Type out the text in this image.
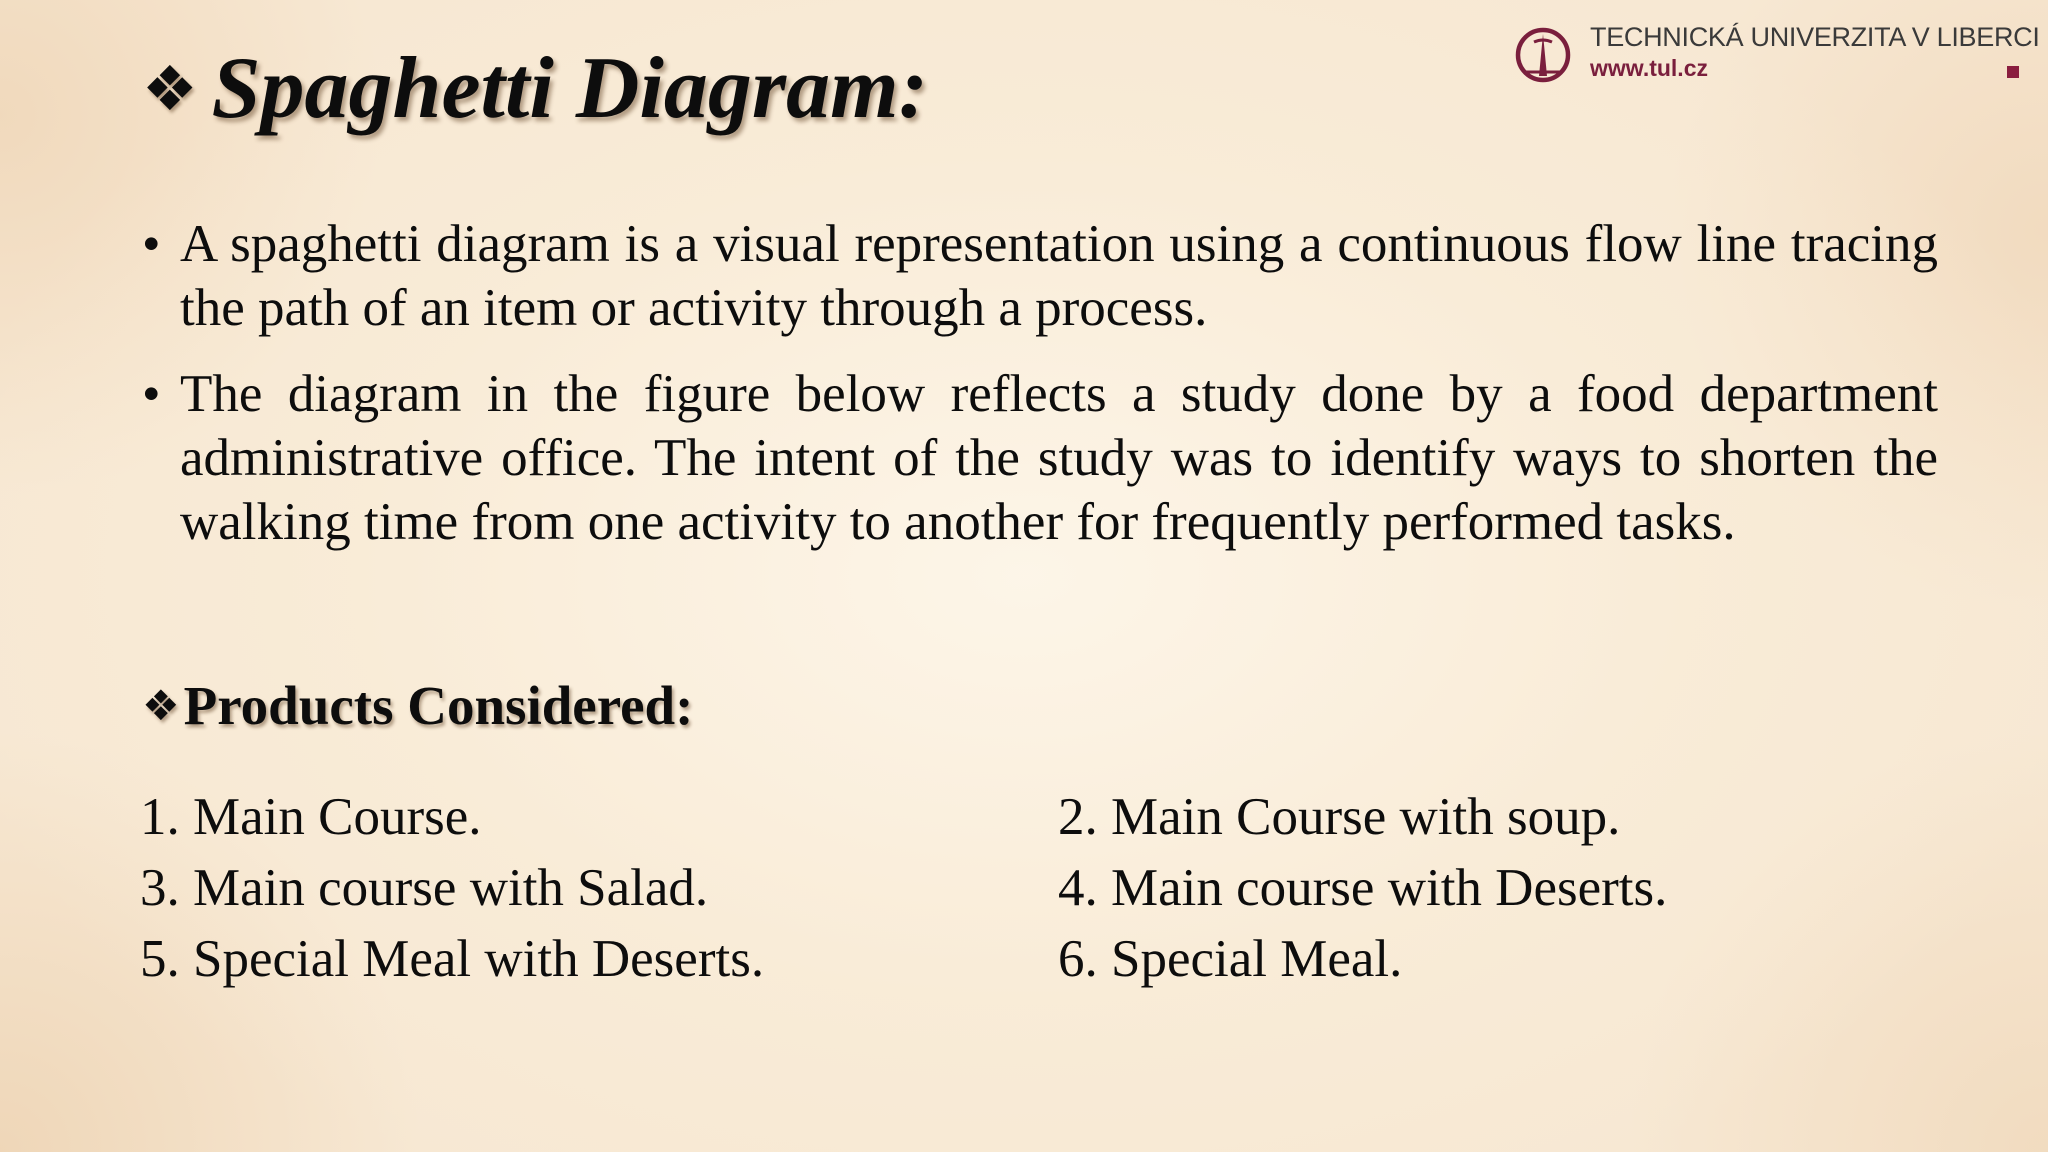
TECHNICKÁ UNIVERZITA V LIBERCI
www.tul.cz
❖ Spaghetti Diagram:
• A spaghetti diagram is a visual representation using a continuous flow line tracing the path of an item or activity through a process.
• The diagram in the figure below reflects a study done by a food department administrative office. The intent of the study was to identify ways to shorten the walking time from one activity to another for frequently performed tasks.
❖ Products Considered:
1. Main Course.
3. Main course with Salad.
5. Special Meal with Deserts.
2. Main Course with soup.
4. Main course with Deserts.
6. Special Meal.
